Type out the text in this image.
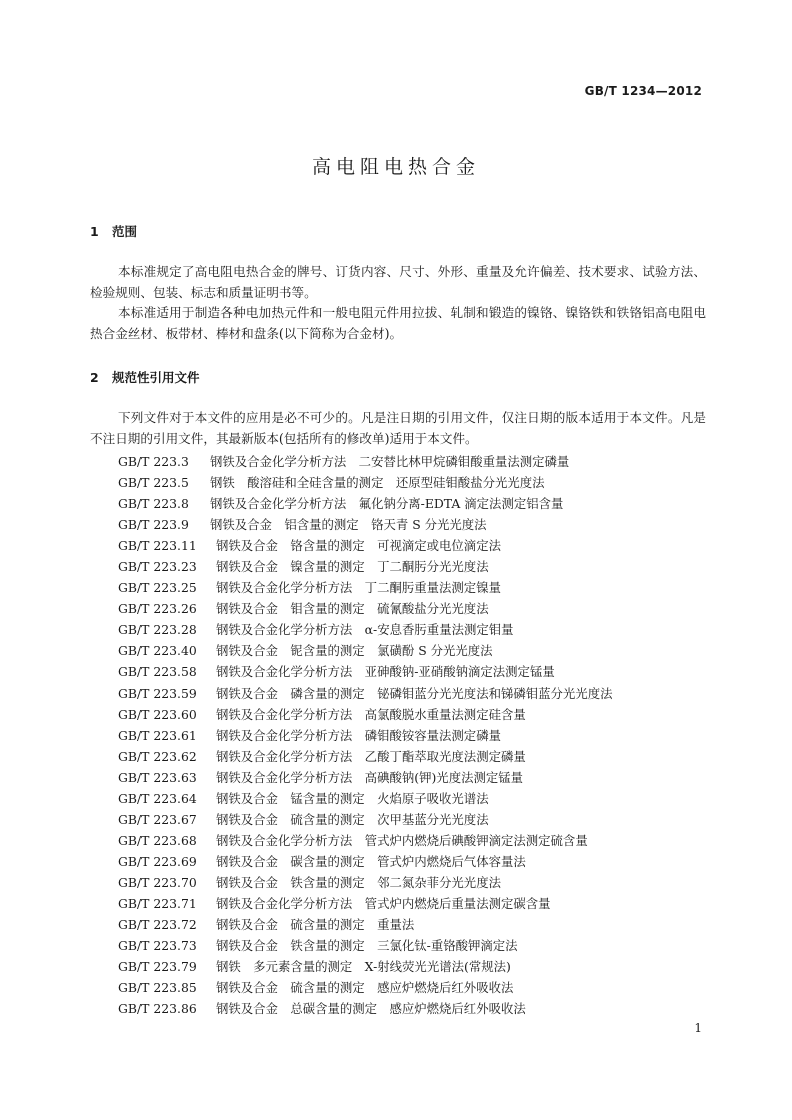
GB/T 1234—2012
高电阻电热合金
1 范围

本标准规定了高电阻电热合金的牌号、订货内容、尺寸、外形、重量及允许偏差、技术要求、试验方法、检验规则、包装、标志和质量证明书等。

本标准适用于制造各种电加热元件和一般电阻元件用拉拔、轧制和锻造的镍铬、镍铬铁和铁铬铝高电阻电热合金丝材、板带材、棒材和盘条(以下简称为合金材)。

2 规范性引用文件

下列文件对于本文件的应用是必不可少的。凡是注日期的引用文件，仅注日期的版本适用于本文件。凡是不注日期的引用文件，其最新版本(包括所有的修改单)适用于本文件。

GB/T 223.3 钢铁及合金化学分析方法　二安替比林甲烷磷钼酸重量法测定磷量
GB/T 223.5 钢铁　酸溶硅和全硅含量的测定　还原型硅钼酸盐分光光度法
GB/T 223.8 钢铁及合金化学分析方法　氟化钠分离-EDTA 滴定法测定铝含量
GB/T 223.9 钢铁及合金　铝含量的测定　铬天青 S 分光光度法
GB/T 223.11 钢铁及合金　铬含量的测定　可视滴定或电位滴定法
GB/T 223.23 钢铁及合金　镍含量的测定　丁二酮肟分光光度法
GB/T 223.25 钢铁及合金化学分析方法　丁二酮肟重量法测定镍量
GB/T 223.26 钢铁及合金　钼含量的测定　硫氰酸盐分光光度法
GB/T 223.28 钢铁及合金化学分析方法　α-安息香肟重量法测定钼量
GB/T 223.40 钢铁及合金　铌含量的测定　氯磺酚 S 分光光度法
GB/T 223.58 钢铁及合金化学分析方法　亚砷酸钠-亚硝酸钠滴定法测定锰量
GB/T 223.59 钢铁及合金　磷含量的测定　铋磷钼蓝分光光度法和锑磷钼蓝分光光度法
GB/T 223.60 钢铁及合金化学分析方法　高氯酸脱水重量法测定硅含量
GB/T 223.61 钢铁及合金化学分析方法　磷钼酸铵容量法测定磷量
GB/T 223.62 钢铁及合金化学分析方法　乙酸丁酯萃取光度法测定磷量
GB/T 223.63 钢铁及合金化学分析方法　高碘酸钠(钾)光度法测定锰量
GB/T 223.64 钢铁及合金　锰含量的测定　火焰原子吸收光谱法
GB/T 223.67 钢铁及合金　硫含量的测定　次甲基蓝分光光度法
GB/T 223.68 钢铁及合金化学分析方法　管式炉内燃烧后碘酸钾滴定法测定硫含量
GB/T 223.69 钢铁及合金　碳含量的测定　管式炉内燃烧后气体容量法
GB/T 223.70 钢铁及合金　铁含量的测定　邻二氮杂菲分光光度法
GB/T 223.71 钢铁及合金化学分析方法　管式炉内燃烧后重量法测定碳含量
GB/T 223.72 钢铁及合金　硫含量的测定　重量法
GB/T 223.73 钢铁及合金　铁含量的测定　三氯化钛-重铬酸钾滴定法
GB/T 223.79 钢铁　多元素含量的测定　X-射线荧光光谱法(常规法)
GB/T 223.85 钢铁及合金　硫含量的测定　感应炉燃烧后红外吸收法
GB/T 223.86 钢铁及合金　总碳含量的测定　感应炉燃烧后红外吸收法
1
